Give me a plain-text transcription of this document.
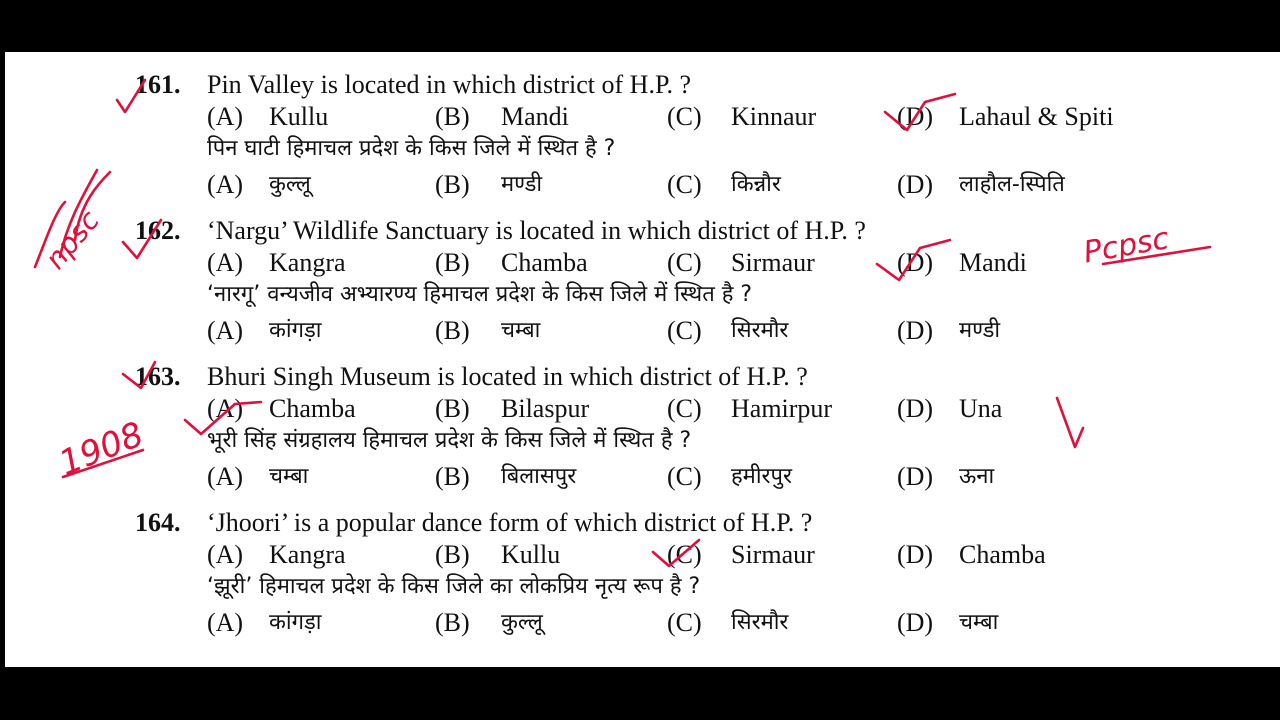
161. Pin Valley is located in which district of H.P. ?
(A) Kullu	(B) Mandi	(C) Kinnaur	(D) Lahaul & Spiti
पिन घाटी हिमाचल प्रदेश के किस जिले में स्थित है ?
(A) कुल्लू	(B) मण्डी	(C) किन्नौर	(D) लाहौल-स्पिति
162. ‘Nargu’ Wildlife Sanctuary is located in which district of H.P. ?
(A) Kangra	(B) Chamba	(C) Sirmaur	(D) Mandi
‘नारगू’ वन्यजीव अभ्यारण्य हिमाचल प्रदेश के किस जिले में स्थित है ?
(A) कांगड़ा	(B) चम्बा	(C) सिरमौर	(D) मण्डी
163. Bhuri Singh Museum is located in which district of H.P. ?
(A) Chamba	(B) Bilaspur	(C) Hamirpur (D) Una
भूरी सिंह संग्रहालय हिमाचल प्रदेश के किस जिले में स्थित है ?
(A) चम्बा	(B) बिलासपुर	(C) हमीरपुर	(D) ऊना
164. ‘Jhoori’ is a popular dance form of which district of H.P. ?
(A) Kangra	(B) Kullu	(C) Sirmaur	(D) Chamba
‘झूरी’ हिमाचल प्रदेश के किस जिले का लोकप्रिय नृत्य रूप है ?
(A) कांगड़ा	(B) कुल्लू	(C) सिरमौर	(D) चम्बा
npsc	Pcpsc
1908
